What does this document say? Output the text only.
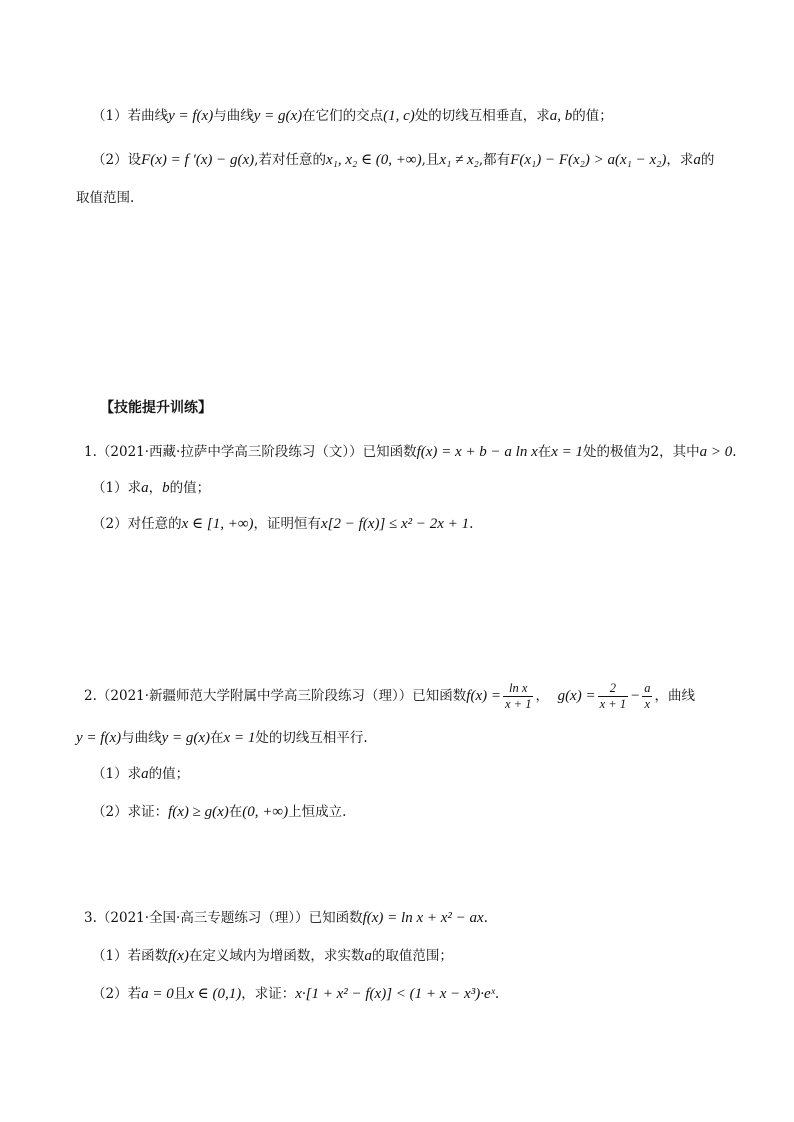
（1）若曲线y = f(x)与曲线y = g(x)在它们的交点(1, c)处的切线互相垂直，求a, b的值；
（2）设F(x) = f ′(x) − g(x),若对任意的x₁, x₂ ∈ (0, +∞),且x₁ ≠ x₂,都有F(x₁) − F(x₂) > a(x₁ − x₂)，求a的
取值范围.
【技能提升训练】
1.（2021·西藏·拉萨中学高三阶段练习（文））已知函数f(x) = x + b − a ln x在x = 1处的极值为2，其中a > 0.
（1）求a，b的值；
（2）对任意的x ∈ [1, +∞)，证明恒有x[2 − f(x)] ≤ x² − 2x + 1.
2.（2021·新疆师范大学附属中学高三阶段练习（理））已知函数$f(x) = \frac{\text{ln x}}{x + 1}$ ， $g(x) = \frac{2}{x + 1} - \frac{a}{x}$ ，曲线
y = f(x)与曲线y = g(x)在x = 1处的切线互相平行.
（1）求a的值；
（2）求证：f(x) ≥ g(x)在(0, +∞)上恒成立.
3.（2021·全国·高三专题练习（理））已知函数f(x) = ln x + x² − ax.
（1）若函数f(x)在定义域内为增函数，求实数a的取值范围；
（2）若a = 0且x ∈ (0,1)，求证：x·[1 + x² − f(x)] < (1 + x − x³)·eˣ.
